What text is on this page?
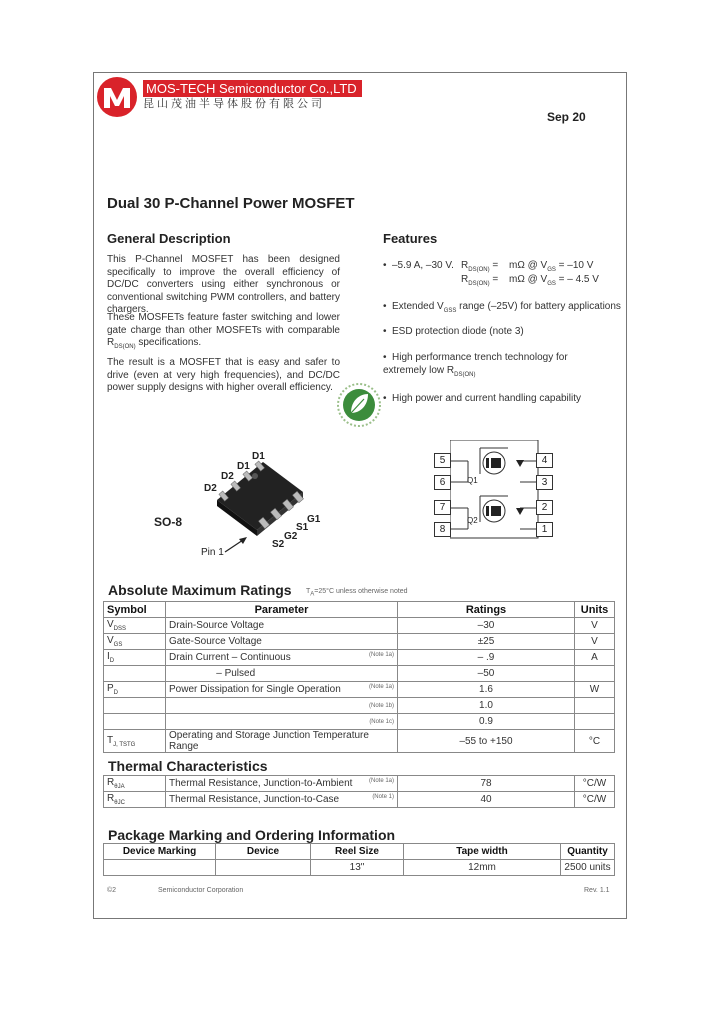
MOS-TECH Semiconductor Co.,LTD
昆山茂油半导体股份有限公司
Sep 20
Dual 30 P-Channel Power MOSFET
General Description
This P-Channel MOSFET has been designed specifically to improve the overall efficiency of DC/DC converters using either synchronous or conventional switching PWM controllers, and battery chargers.
These MOSFETs feature faster switching and lower gate charge than other MOSFETs with comparable $R_{DS(ON)}$ specifications.
The result is a MOSFET that is easy and safer to drive (even at very high frequencies), and DC/DC power supply designs with higher overall efficiency.
Features
• –5.9 A, –30 V. $R_{DS(ON)} = m\Omega$ @ $V_{GS} = -10$ V
$R_{DS(ON)} = m\Omega$ @ $V_{GS}$ = – 4.5 V
• Extended $V_{GSS}$ range (–25V) for battery applications
• ESD protection diode (note 3)
• High performance trench technology for extremely low $R_{DS(ON)}$
• High power and current handling capability
D1
D1
D2
D2
G1
S1
G2
S2
SO-8
Pin 1
5
6
7
8
4
3
2
1
Q1
Q2
Absolute Maximum Ratings $T_A=25^\circ C$ unless otherwise noted
Symbol	Parameter	Ratings	Units
$V_{DSS}$	Drain-Source Voltage	–30	V
$V_{GS}$	Gate-Source Voltage	±25	V
$I_D$	Drain Current – Continuous (Note 1a)	– .9	A
	– Pulsed	–50	
$P_D$	Power Dissipation for Single Operation (Note 1a)	1.6	W

	(Note 1b)	1.0	

	(Note 1c)	0.9	
$T_{J, TSTG}$	Operating and Storage Junction Temperature Range	–55 to +150	°C
Thermal Characteristics
$R_{\theta JA}$	Thermal Resistance, Junction-to-Ambient (Note 1a)	78	°C/W
$R_{\theta JC}$	Thermal Resistance, Junction-to-Case (Note 1)	40	°C/W
Package Marking and Ordering Information
Device Marking	Device	Reel Size	Tape width	Quantity
		13"	12mm	2500 units
©2	Semiconductor Corporation	Rev. 1.1
